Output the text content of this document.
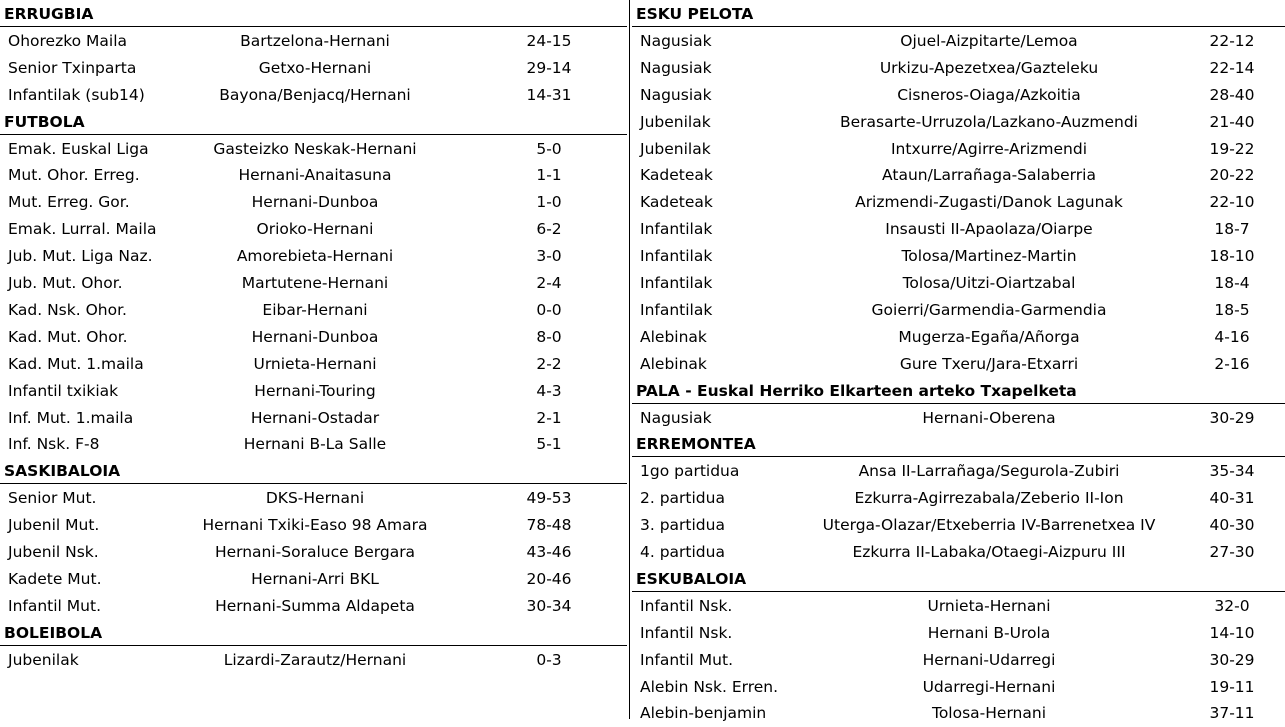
ERRUGBIA
Ohorezko Maila	Bartzelona-Hernani	24-15
Senior Txinparta	Getxo-Hernani	29-14
Infantilak (sub14)	Bayona/Benjacq/Hernani	14-31
FUTBOLA
Emak. Euskal Liga	Gasteizko Neskak-Hernani	5-0
Mut. Ohor. Erreg.	Hernani-Anaitasuna	1-1
Mut. Erreg. Gor.	Hernani-Dunboa	1-0
Emak. Lurral. Maila	Orioko-Hernani	6-2
Jub. Mut. Liga Naz.	Amorebieta-Hernani	3-0
Jub. Mut. Ohor.	Martutene-Hernani	2-4
Kad. Nsk. Ohor.	Eibar-Hernani	0-0
Kad. Mut. Ohor.	Hernani-Dunboa	8-0
Kad. Mut. 1.maila	Urnieta-Hernani	2-2
Infantil txikiak	Hernani-Touring	4-3
Inf. Mut. 1.maila	Hernani-Ostadar	2-1
Inf. Nsk. F-8	Hernani B-La Salle	5-1
SASKIBALOIA
Senior Mut.	DKS-Hernani	49-53
Jubenil Mut.	Hernani Txiki-Easo 98 Amara	78-48
Jubenil Nsk.	Hernani-Soraluce Bergara	43-46
Kadete Mut.	Hernani-Arri BKL	20-46
Infantil Mut.	Hernani-Summa Aldapeta	30-34
BOLEIBOLA
Jubenilak	Lizardi-Zarautz/Hernani	0-3
ESKU PELOTA
Nagusiak	Ojuel-Aizpitarte/Lemoa	22-12
Nagusiak	Urkizu-Apezetxea/Gazteleku	22-14
Nagusiak	Cisneros-Oiaga/Azkoitia	28-40
Jubenilak	Berasarte-Urruzola/Lazkano-Auzmendi	21-40
Jubenilak	Intxurre/Agirre-Arizmendi	19-22
Kadeteak	Ataun/Larrañaga-Salaberria	20-22
Kadeteak	Arizmendi-Zugasti/Danok Lagunak	22-10
Infantilak	Insausti II-Apaolaza/Oiarpe	18-7
Infantilak	Tolosa/Martinez-Martin	18-10
Infantilak	Tolosa/Uitzi-Oiartzabal	18-4
Infantilak	Goierri/Garmendia-Garmendia	18-5
Alebinak	Mugerza-Egaña/Añorga	4-16
Alebinak	Gure Txeru/Jara-Etxarri	2-16
PALA - Euskal Herriko Elkarteen arteko Txapelketa
Nagusiak	Hernani-Oberena	30-29
ERREMONTEA
1go partidua	Ansa II-Larrañaga/Segurola-Zubiri	35-34
2. partidua	Ezkurra-Agirrezabala/Zeberio II-Ion	40-31
3. partidua	Uterga-Olazar/Etxeberria IV-Barrenetxea IV	40-30
4. partidua	Ezkurra II-Labaka/Otaegi-Aizpuru III	27-30
ESKUBALOIA
Infantil Nsk.	Urnieta-Hernani	32-0
Infantil Nsk.	Hernani B-Urola	14-10
Infantil Mut.	Hernani-Udarregi	30-29
Alebin Nsk. Erren.	Udarregi-Hernani	19-11
Alebin-benjamin	Tolosa-Hernani	37-11
